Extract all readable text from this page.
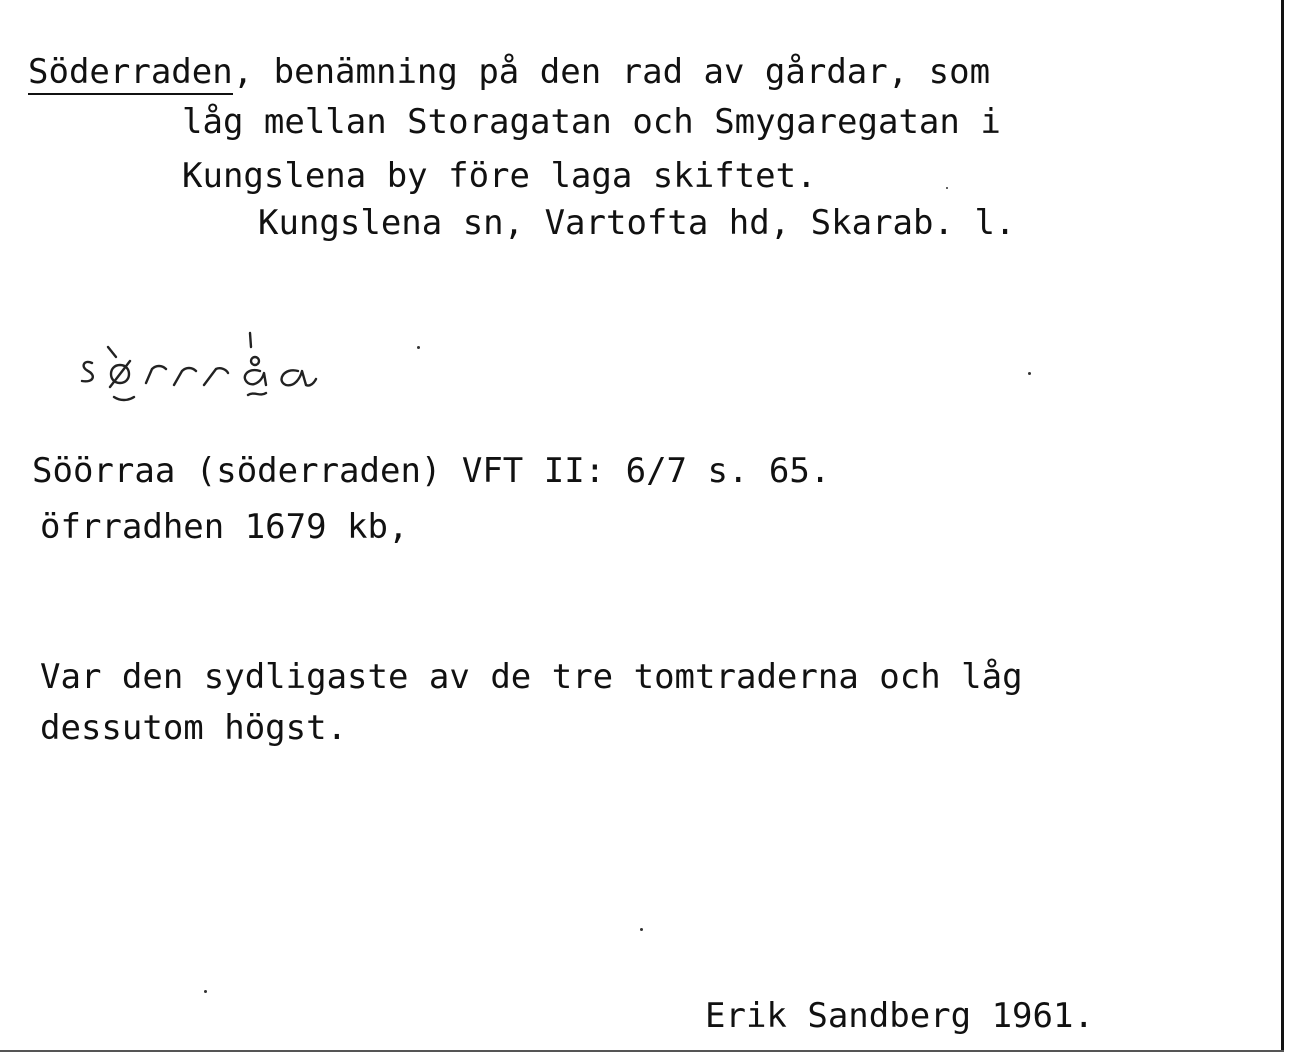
Söderraden, benämning på den rad av gårdar, som
låg mellan Storagatan och Smygaregatan i
Kungslena by före laga skiftet.
Kungslena sn, Vartofta hd, Skarab. l.
Söörraa (söderraden) VFT II: 6/7 s. 65.
öfrradhen 1679 kb,
Var den sydligaste av de tre tomtraderna och låg
dessutom högst.
Erik Sandberg 1961.
